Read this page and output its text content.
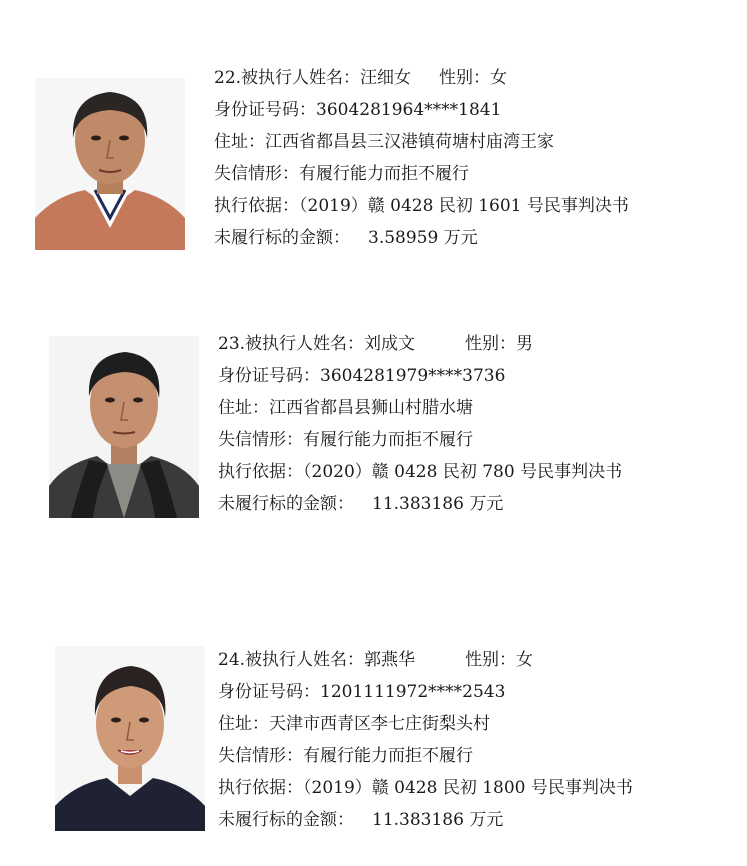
22.被执行人姓名：汪细女 性别：女
身份证号码：3604281964****1841
住址：江西省都昌县三汉港镇荷塘村庙湾王家
失信情形：有履行能力而拒不履行
执行依据：（2019）赣 0428 民初 1601 号民事判决书
未履行标的金额： 3.58959 万元
23.被执行人姓名：刘成文	性别：男
身份证号码：3604281979****3736
住址：江西省都昌县狮山村腊水塘
失信情形：有履行能力而拒不履行
执行依据：（2020）赣 0428 民初 780 号民事判决书
未履行标的金额： 11.383186 万元
24.被执行人姓名：郭燕华	性别：女
身份证号码：1201111972****2543
住址：天津市西青区李七庄街梨头村
失信情形：有履行能力而拒不履行
执行依据：（2019）赣 0428 民初 1800 号民事判决书
未履行标的金额： 11.383186 万元
